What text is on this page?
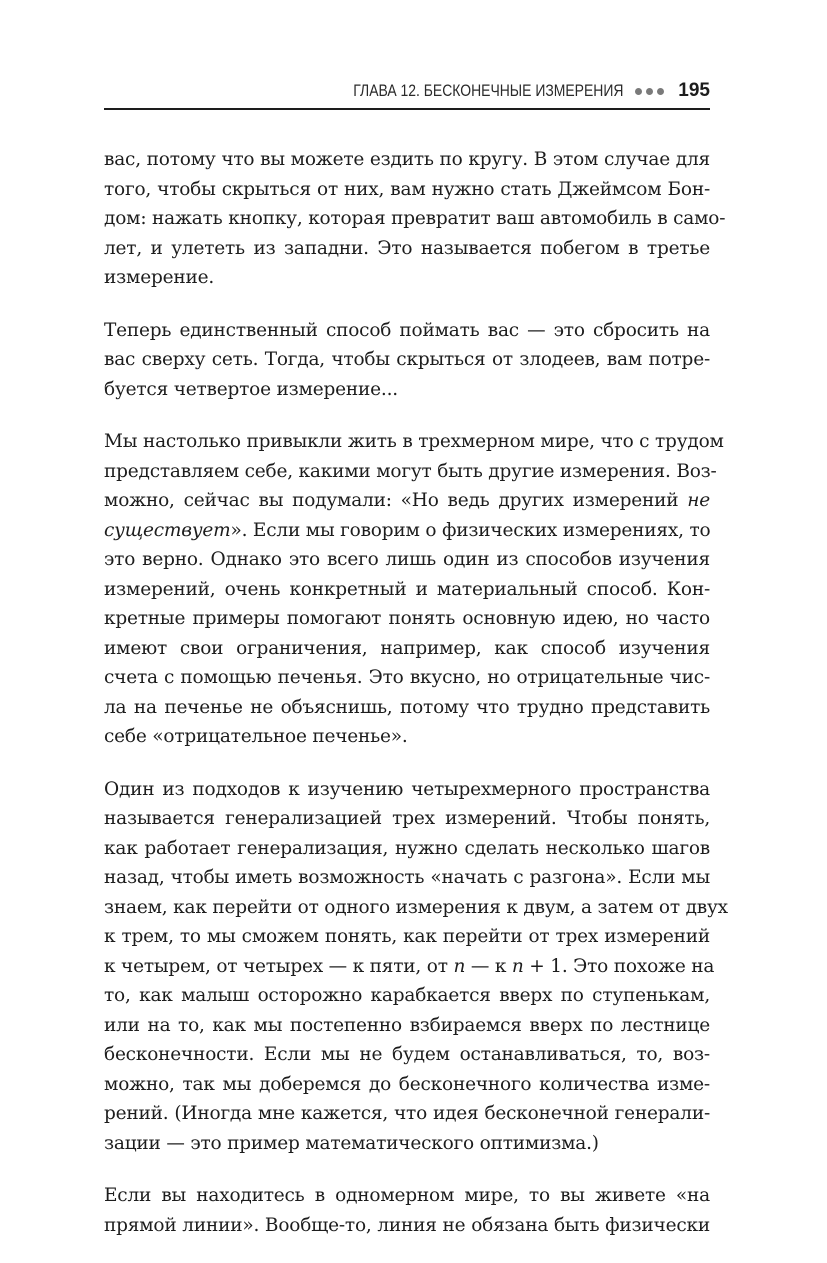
ГЛАВА 12. БЕСКОНЕЧНЫЕ ИЗМЕРЕНИЯ	195

вас, потому что вы можете ездить по кругу. В этом случае для
того, чтобы скрыться от них, вам нужно стать Джеймсом Бон-
дом: нажать кнопку, которая превратит ваш автомобиль в само-
лет, и улететь из западни. Это называется побегом в третье
измерение.

Теперь единственный способ поймать вас — это сбросить на
вас сверху сеть. Тогда, чтобы скрыться от злодеев, вам потре-
буется четвертое измерение...

Мы настолько привыкли жить в трехмерном мире, что с трудом
представляем себе, какими могут быть другие измерения. Воз-
можно, сейчас вы подумали: «Но ведь других измерений не
существует». Если мы говорим о физических измерениях, то
это верно. Однако это всего лишь один из способов изучения
измерений, очень конкретный и материальный способ. Кон-
кретные примеры помогают понять основную идею, но часто
имеют свои ограничения, например, как способ изучения
счета с помощью печенья. Это вкусно, но отрицательные чис-
ла на печенье не объяснишь, потому что трудно представить
себе «отрицательное печенье».

Один из подходов к изучению четырехмерного пространства
называется генерализацией трех измерений. Чтобы понять,
как работает генерализация, нужно сделать несколько шагов
назад, чтобы иметь возможность «начать с разгона». Если мы
знаем, как перейти от одного измерения к двум, а затем от двух
к трем, то мы сможем понять, как перейти от трех измерений
к четырем, от четырех — к пяти, от n — к n + 1. Это похоже на
то, как малыш осторожно карабкается вверх по ступенькам,
или на то, как мы постепенно взбираемся вверх по лестнице
бесконечности. Если мы не будем останавливаться, то, воз-
можно, так мы доберемся до бесконечного количества изме-
рений. (Иногда мне кажется, что идея бесконечной генерали-
зации — это пример математического оптимизма.)

Если вы находитесь в одномерном мире, то вы живете «на
прямой линии». Вообще-то, линия не обязана быть физически
